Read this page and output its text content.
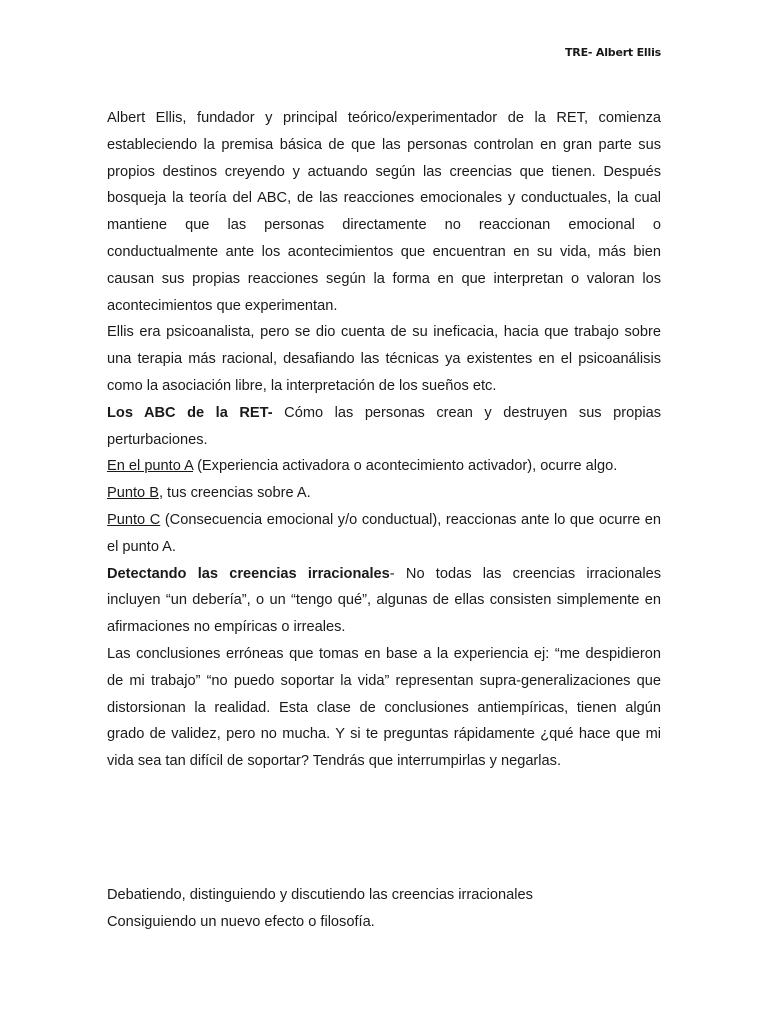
TRE- Albert Ellis

Albert Ellis, fundador y principal teórico/experimentador de la RET, comienza estableciendo la premisa básica de que las personas controlan en gran parte sus propios destinos creyendo y actuando según las creencias que tienen. Después bosqueja la teoría del ABC, de las reacciones emocionales y conductuales, la cual mantiene que las personas directamente no reaccionan emocional o conductualmente ante los acontecimientos que encuentran en su vida, más bien causan sus propias reacciones según la forma en que interpretan o valoran los acontecimientos que experimentan.

Ellis era psicoanalista, pero se dio cuenta de su ineficacia, hacia que trabajo sobre una terapia más racional, desafiando las técnicas ya existentes en el psicoanálisis como la asociación libre, la interpretación de los sueños etc.

Los ABC de la RET- Cómo las personas crean y destruyen sus propias perturbaciones.

En el punto A (Experiencia activadora o acontecimiento activador), ocurre algo.

Punto B, tus creencias sobre A.

Punto C (Consecuencia emocional y/o conductual), reaccionas ante lo que ocurre en el punto A.

Detectando las creencias irracionales- No todas las creencias irracionales incluyen “un debería”, o un “tengo qué”, algunas de ellas consisten simplemente en afirmaciones no empíricas o irreales.

Las conclusiones erróneas que tomas en base a la experiencia ej: “me despidieron de mi trabajo” “no puedo soportar la vida” representan supra-generalizaciones que distorsionan la realidad. Esta clase de conclusiones antiempíricas, tienen algún grado de validez, pero no mucha. Y si te preguntas rápidamente ¿qué hace que mi vida sea tan difícil de soportar? Tendrás que interrumpirlas y negarlas.

Debatiendo, distinguiendo y discutiendo las creencias irracionales

Consiguiendo un nuevo efecto o filosofía.
